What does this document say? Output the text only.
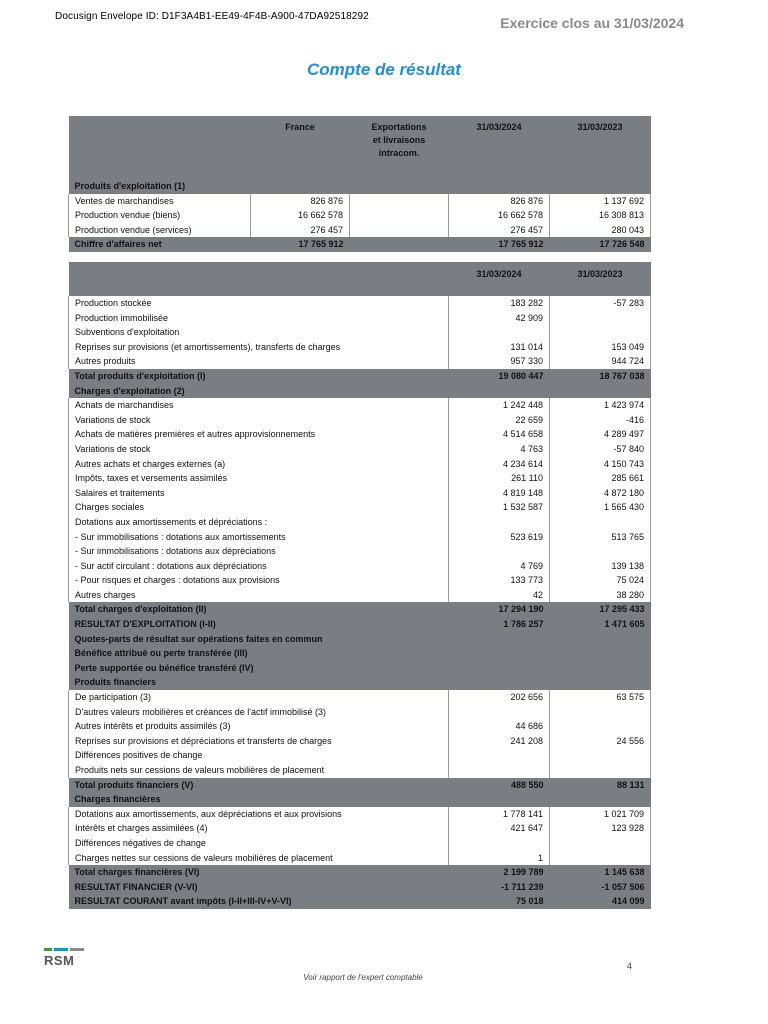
Docusign Envelope ID: D1F3A4B1-EE49-4F4B-A900-47DA92518292	Exercice clos au 31/03/2024
Compte de résultat
	France	Exportations
et livraisons
intracom.	31/03/2024	31/03/2023
Produits d'exploitation (1)				
Ventes de marchandises	826 876		826 876	1 137 692
Production vendue (biens)	16 662 578		16 662 578	16 308 813
Production vendue (services)	276 457		276 457	280 043
Chiffre d'affaires net	17 765 912		17 765 912	17 726 548
	31/03/2024	31/03/2023
Production stockée	183 282	-57 283
Production immobilisée	42 909	
Subventions d'exploitation		
Reprises sur provisions (et amortissements), transferts de charges	131 014	153 049
Autres produits	957 330	944 724
Total produits d'exploitation (I)	19 080 447	18 767 038
Charges d'exploitation (2)		
Achats de marchandises	1 242 448	1 423 974
Variations de stock	22 659	-416
Achats de matières premières et autres approvisionnements	4 514 658	4 289 497
Variations de stock	4 763	-57 840
Autres achats et charges externes (a)	4 234 614	4 150 743
Impôts, taxes et versements assimilés	261 110	285 661
Salaires et traitements	4 819 148	4 872 180
Charges sociales	1 532 587	1 565 430
Dotations aux amortissements et dépréciations :		
- Sur immobilisations : dotations aux amortissements	523 619	513 765
- Sur immobilisations : dotations aux dépréciations		
- Sur actif circulant : dotations aux dépréciations	4 769	139 138
- Pour risques et charges : dotations aux provisions	133 773	75 024
Autres charges	42	38 280
Total charges d'exploitation (II)	17 294 190	17 295 433
RESULTAT D'EXPLOITATION (I-II)	1 786 257	1 471 605
Quotes-parts de résultat sur opérations faites en commun		
Bénéfice attribué ou perte transférée (III)		
Perte supportée ou bénéfice transféré (IV)		
Produits financiers		
De participation (3)	202 656	63 575
D'autres valeurs mobilières et créances de l'actif immobilisé (3)		
Autres intérêts et produits assimilés (3)	44 686	
Reprises sur provisions et dépréciations et transferts de charges	241 208	24 556
Différences positives de change		
Produits nets sur cessions de valeurs mobilières de placement		
Total produits financiers (V)	488 550	88 131
Charges financières		
Dotations aux amortissements, aux dépréciations et aux provisions	1 778 141	1 021 709
Intérêts et charges assimilées (4)	421 647	123 928
Différences négatives de change		
Charges nettes sur cessions de valeurs mobilières de placement	1	
Total charges financières (VI)	2 199 789	1 145 638
RESULTAT FINANCIER (V-VI)	-1 711 239	-1 057 506
RESULTAT COURANT avant impôts (I-II+III-IV+V-VI)	75 018	414 099
RSM	4
Voir rapport de l'expert comptable
